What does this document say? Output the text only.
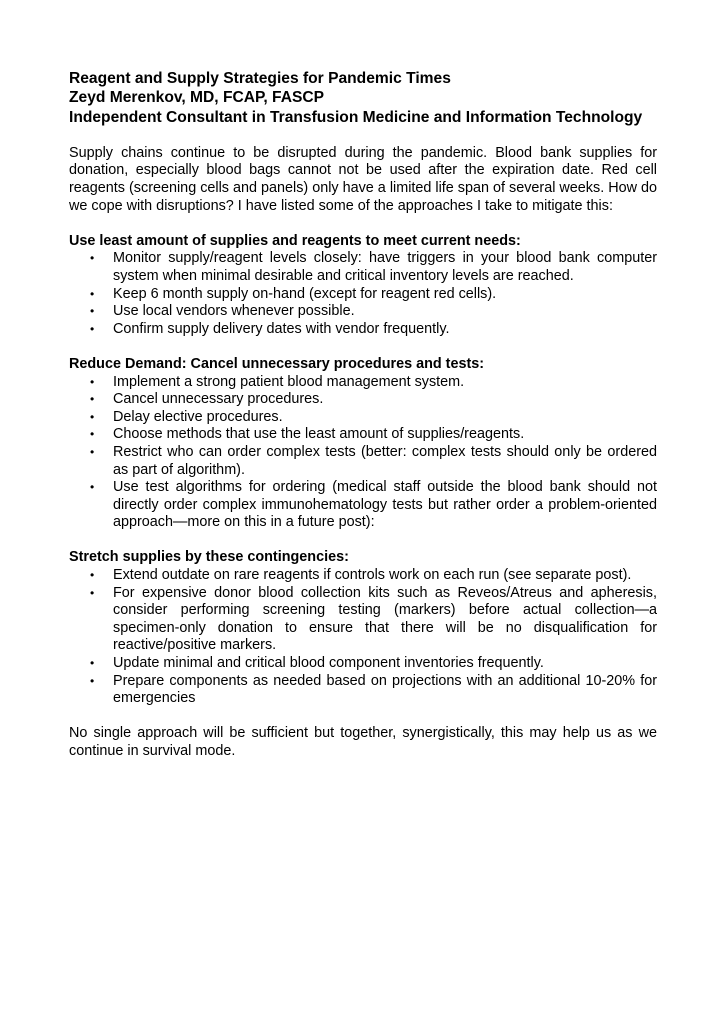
Reagent and Supply Strategies for Pandemic Times

Zeyd Merenkov, MD, FCAP, FASCP

Independent Consultant in Transfusion Medicine and Information Technology

Supply chains continue to be disrupted during the pandemic. Blood bank supplies for donation, especially blood bags cannot not be used after the expiration date. Red cell reagents (screening cells and panels) only have a limited life span of several weeks. How do we cope with disruptions? I have listed some of the approaches I take to mitigate this:

Use least amount of supplies and reagents to meet current needs:

• Monitor supply/reagent levels closely: have triggers in your blood bank computer system when minimal desirable and critical inventory levels are reached.
• Keep 6 month supply on-hand (except for reagent red cells).
• Use local vendors whenever possible.
• Confirm supply delivery dates with vendor frequently.

Reduce Demand: Cancel unnecessary procedures and tests:

• Implement a strong patient blood management system.
• Cancel unnecessary procedures.
• Delay elective procedures.
• Choose methods that use the least amount of supplies/reagents.
• Restrict who can order complex tests (better: complex tests should only be ordered as part of algorithm).
• Use test algorithms for ordering (medical staff outside the blood bank should not directly order complex immunohematology tests but rather order a problem-oriented approach—more on this in a future post):

Stretch supplies by these contingencies:

• Extend outdate on rare reagents if controls work on each run (see separate post).
• For expensive donor blood collection kits such as Reveos/Atreus and apheresis, consider performing screening testing (markers) before actual collection—a specimen-only donation to ensure that there will be no disqualification for reactive/positive markers.
• Update minimal and critical blood component inventories frequently.
• Prepare components as needed based on projections with an additional 10-20% for emergencies

No single approach will be sufficient but together, synergistically, this may help us as we continue in survival mode.
